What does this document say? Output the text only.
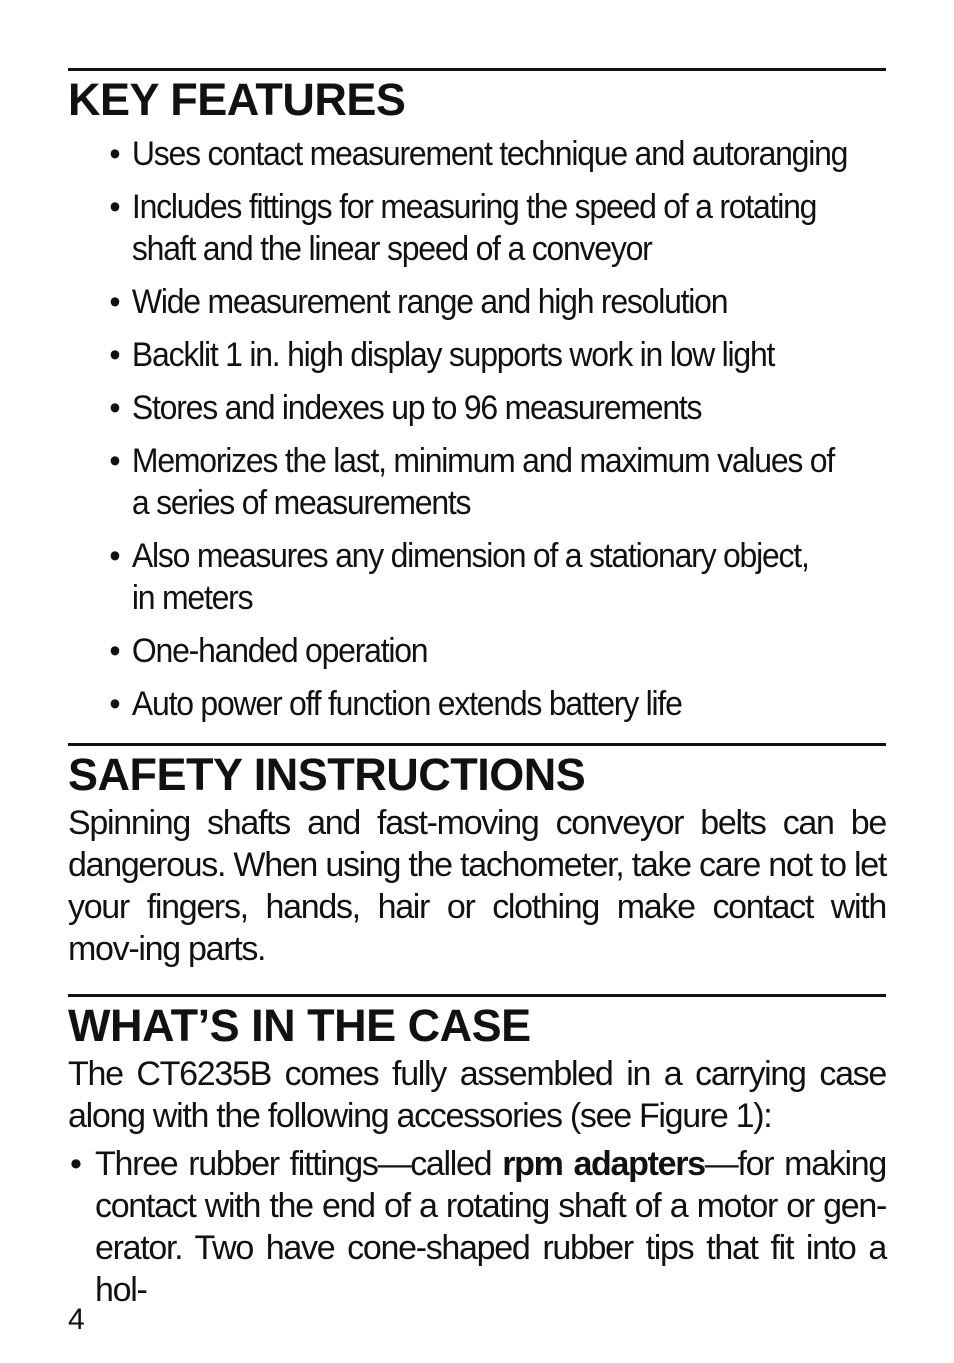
KEY FEATURES
• Uses contact measurement technique and autoranging
• Includes fittings for measuring the speed of a rotating
shaft and the linear speed of a conveyor
• Wide measurement range and high resolution
• Backlit 1 in. high display supports work in low light
• Stores and indexes up to 96 measurements
• Memorizes the last, minimum and maximum values of
a series of measurements
• Also measures any dimension of a stationary object,
in meters
• One-handed operation
• Auto power off function extends battery life
SAFETY INSTRUCTIONS

Spinning shafts and fast-moving conveyor belts can be dangerous. When using the tachometer, take care not to let your fingers, hands, hair or clothing make contact with mov-ing parts.

WHAT’S IN THE CASE

The CT6235B comes fully assembled in a carrying case along with the following accessories (see Figure 1):

• Three rubber fittings—called rpm adapters—for making contact with the end of a rotating shaft of a motor or gen-erator. Two have cone-shaped rubber tips that fit into a hol-
4
